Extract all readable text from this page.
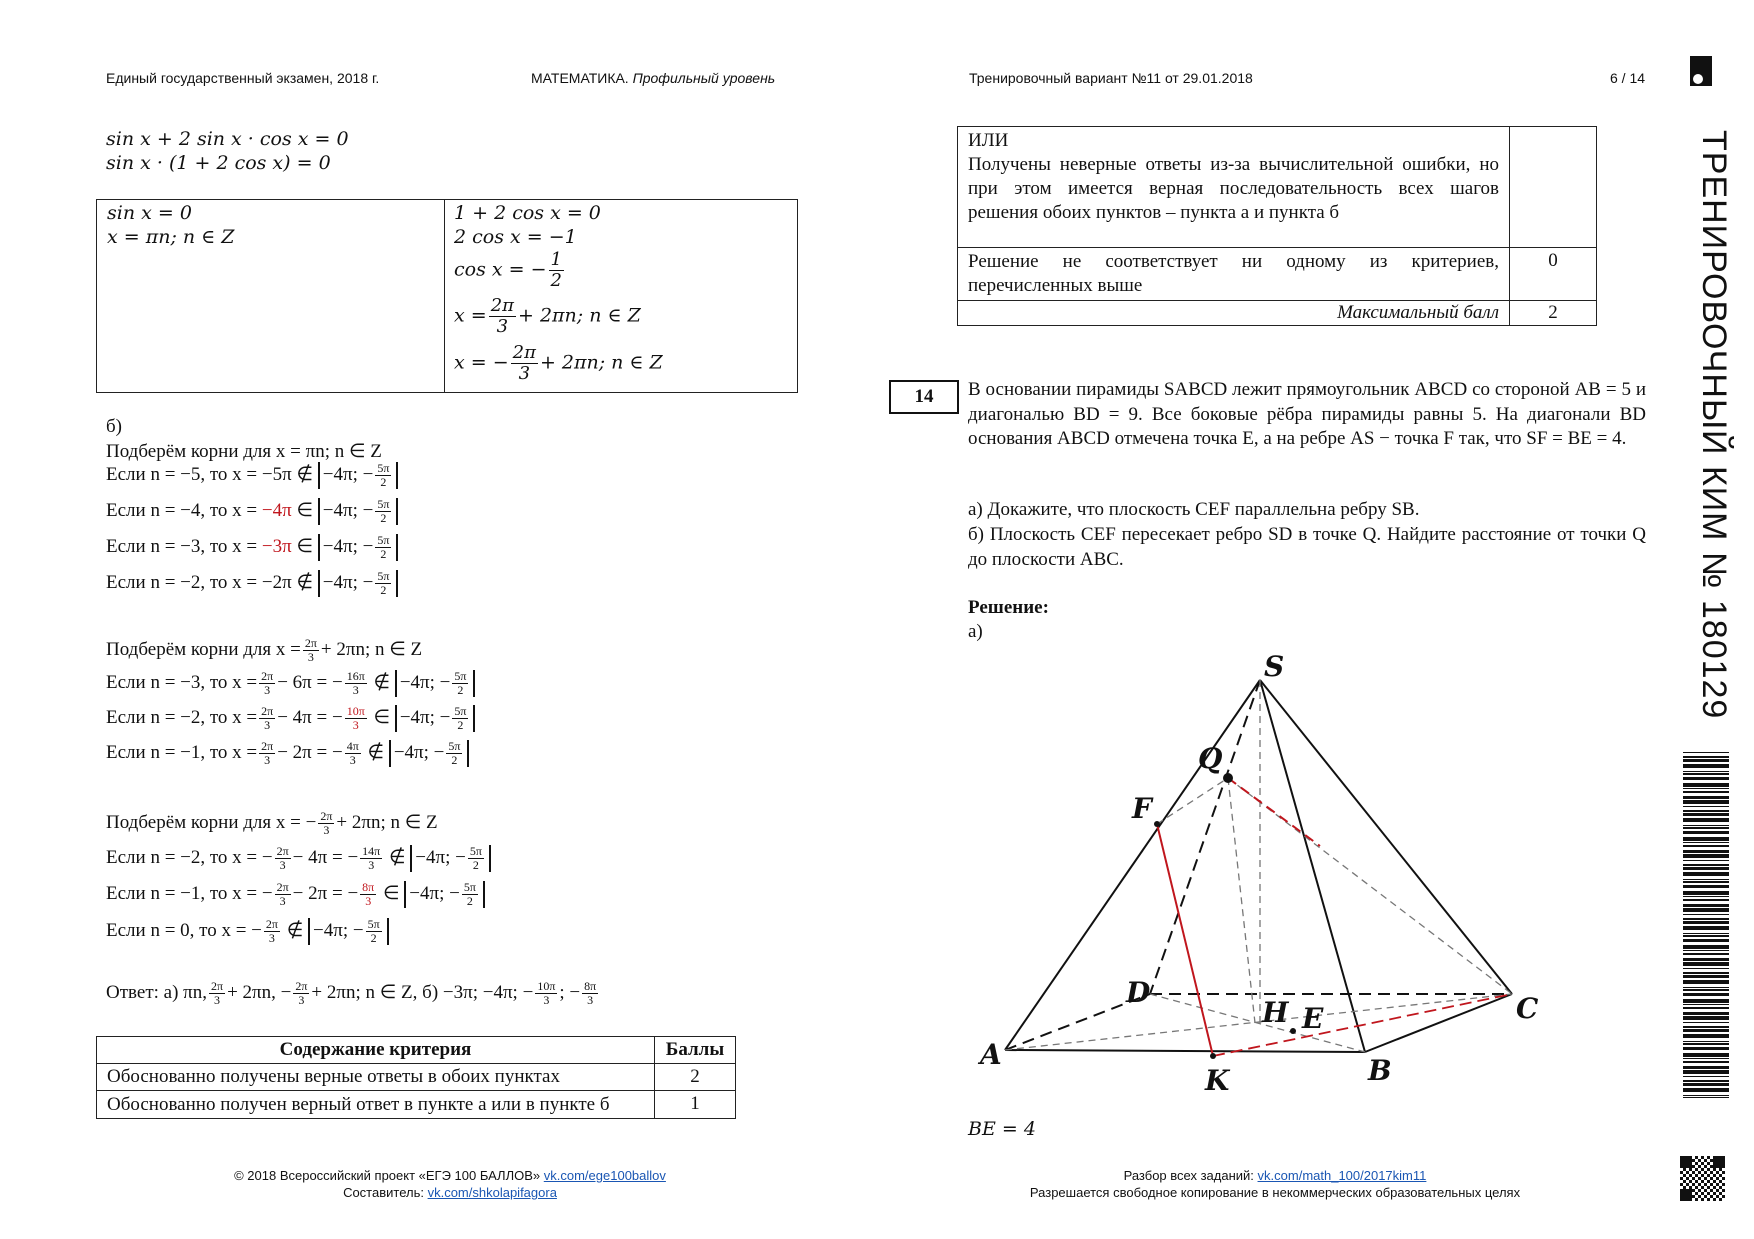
Единый государственный экзамен, 2018 г.	МАТЕМАТИКА. Профильный уровень	Тренировочный вариант №11 от 29.01.2018	6 / 14
ТРЕНИРОВОЧНЫЙ КИМ № 180129
sin x + 2 sin x · cos x = 0
sin x · (1 + 2 cos x) = 0
sin x = 0
x = πn; n ∈ Z
1 + 2 cos x = 0
2 cos x = −1
cos x = − $\frac{1}{2}$
$x = \frac{2\pi}{3} + 2\pi n$; n ∈ Z
x = − $\frac{2\pi}{3} + 2\pi n$; n ∈ Z
б)
Подберём корни для x = πn; n ∈ Z
Если n = −5, то x = −5π ∉ −4π; − $\frac{5\pi}{2}$
Если n = −4, то x = −4π ∈ −4π; − $\frac{5\pi}{2}$
Если n = −3, то x = −3π ∈ −4π; − $\frac{5\pi}{2}$
Если n = −2, то x = −2π ∉ −4π; − $\frac{5\pi}{2}$
Подберём корни для $x = \frac{2\pi}{3} + 2\pi n$; n ∈ Z
Если n = −3, то $x = \frac{2\pi}{3} - 6\pi$ = − $\frac{16\pi}{3}$ ∉ −4π; − $\frac{5\pi}{2}$
Если n = −2, то $x = \frac{2\pi}{3} - 4\pi$ = − $\frac{10\pi}{3}$ ∈ −4π; − $\frac{5\pi}{2}$
Если n = −1, то $x = \frac{2\pi}{3} - 2\pi$ = − $\frac{4\pi}{3}$ ∉ −4π; − $\frac{5\pi}{2}$
Подберём корни для x = − $\frac{2\pi}{3} + 2\pi n$; n ∈ Z
Если n = −2, то x = − $\frac{2\pi}{3} - 4\pi$ = − $\frac{14\pi}{3}$ ∉ −4π; − $\frac{5\pi}{2}$
Если n = −1, то x = − $\frac{2\pi}{3} - 2\pi$ = − $\frac{8\pi}{3}$ ∈ −4π; − $\frac{5\pi}{2}$
Если n = 0, то x = − $\frac{2\pi}{3}$ ∉ −4π; − $\frac{5\pi}{2}$
Ответ: а) πn, $\frac{2\pi}{3} + 2\pi n$, − $\frac{2\pi}{3} + 2\pi n$; n ∈ Z, б) −3π; −4π; − $\frac{10\pi}{3}$ ; − $\frac{8\pi}{3}$
Содержание критерия	Баллы
Обоснованно получены верные ответы в обоих пунктах	2
Обоснованно получен верный ответ в пункте а или в пункте б	1
© 2018 Всероссийский проект «ЕГЭ 100 БАЛЛОВ» vk.com/ege100ballov
Составитель: vk.com/shkolapifagora
ИЛИ
Получены неверные ответы из-за вычислительной ошибки, но при этом имеется верная последовательность всех шагов решения обоих пунктов – пункта а и пункта б	
Решение не соответствует ни одному из критериев, перечисленных выше	0
Максимальный балл	2
14	В основании пирамиды SABCD лежит прямоугольник ABCD со стороной AB = 5 и диагональю BD = 9. Все боковые рёбра пирамиды равны 5. На диагонали BD основания ABCD отмечена точка E, а на ребре AS − точка F так, что SF = BE = 4.
а) Докажите, что плоскость CEF параллельна ребру SB.
б) Плоскость CEF пересекает ребро SD в точке Q. Найдите расстояние от точки Q до плоскости ABC.
Решение:
а)
S
Q
F
D
H E	C
A
K	B
BE = 4
Разбор всех заданий: vk.com/math_100/2017kim11
Разрешается свободное копирование в некоммерческих образовательных целях
